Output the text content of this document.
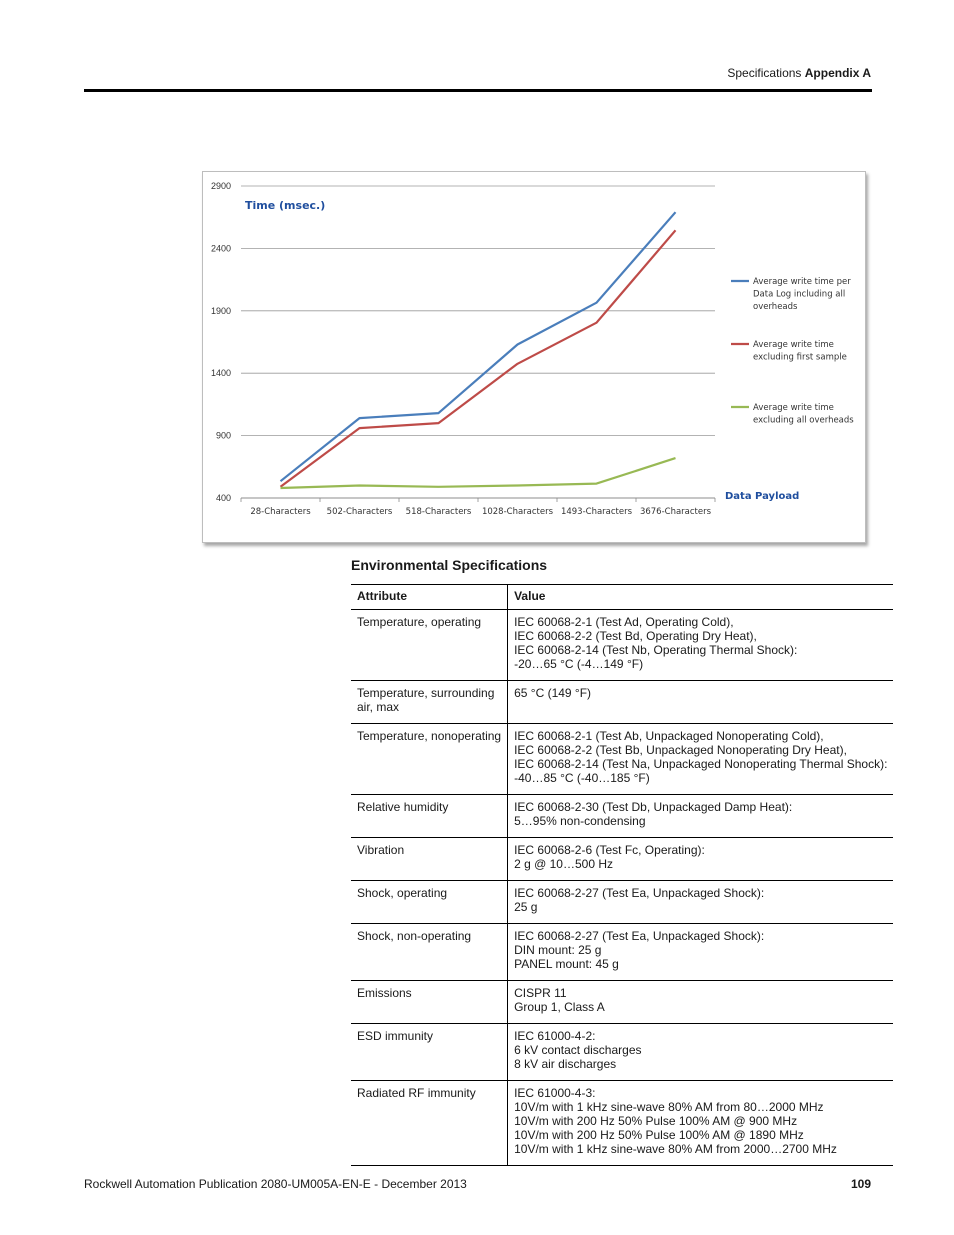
Specifications Appendix A
400
900
1400
1900
2400
2900
28-Characters 502-Characters 518-Characters 1028-Characters 1493-Characters 3676-Characters
Time (msec.)
Data Payload
Average write time per
Data Log including all
overheads
Average write time
excluding first sample
Average write time
excluding all overheads
Environmental Specifications
Attribute	Value

Temperature, operating	IEC 60068-2-1 (Test Ad, Operating Cold),
IEC 60068-2-2 (Test Bd, Operating Dry Heat),
IEC 60068-2-14 (Test Nb, Operating Thermal Shock):
-20…65 °C (-4…149 °F)

Temperature, surrounding
air, max	65 °C (149 °F)

Temperature, nonoperating	IEC 60068-2-1 (Test Ab, Unpackaged Nonoperating Cold),
IEC 60068-2-2 (Test Bb, Unpackaged Nonoperating Dry Heat),
IEC 60068-2-14 (Test Na, Unpackaged Nonoperating Thermal Shock):
-40…85 °C (-40…185 °F)

Relative humidity	IEC 60068-2-30 (Test Db, Unpackaged Damp Heat):
5…95% non-condensing

Vibration	IEC 60068-2-6 (Test Fc, Operating):
2 g @ 10…500 Hz

Shock, operating	IEC 60068-2-27 (Test Ea, Unpackaged Shock):
25 g

Shock, non-operating	IEC 60068-2-27 (Test Ea, Unpackaged Shock):
DIN mount: 25 g
PANEL mount: 45 g

Emissions	CISPR 11
Group 1, Class A

ESD immunity	IEC 61000-4-2:
6 kV contact discharges
8 kV air discharges

Radiated RF immunity	IEC 61000-4-3:
10V/m with 1 kHz sine-wave 80% AM from 80…2000 MHz
10V/m with 200 Hz 50% Pulse 100% AM @ 900 MHz
10V/m with 200 Hz 50% Pulse 100% AM @ 1890 MHz
10V/m with 1 kHz sine-wave 80% AM from 2000…2700 MHz
Rockwell Automation Publication 2080-UM005A-EN-E - December 2013	109
